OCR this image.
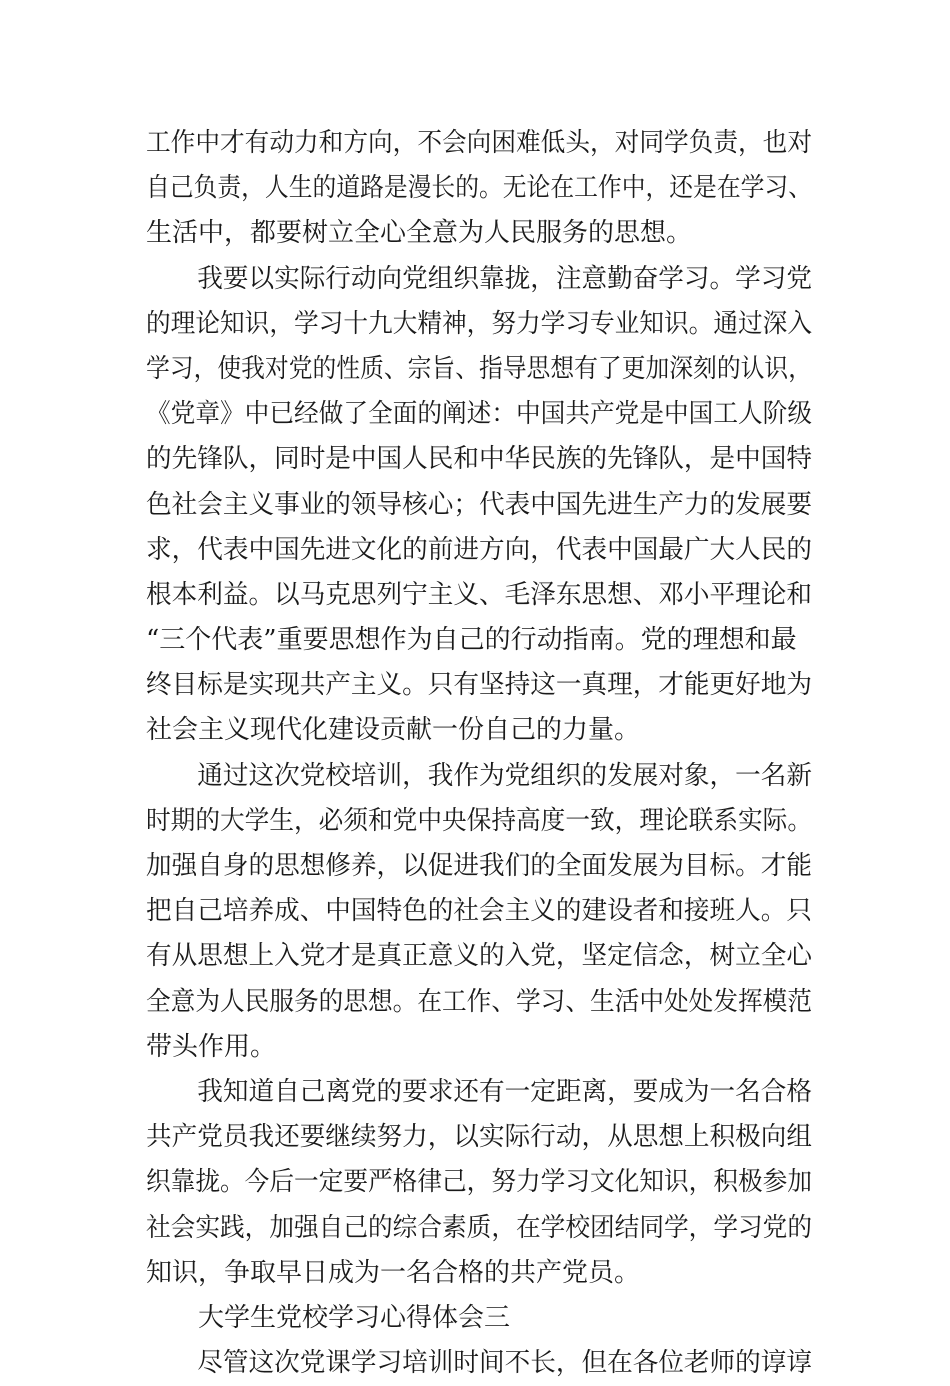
工作中才有动力和方向，不会向困难低头，对同学负责，也对
自己负责，人生的道路是漫长的。无论在工作中，还是在学习、
生活中，都要树立全心全意为人民服务的思想。
我要以实际行动向党组织靠拢，注意勤奋学习。学习党
的理论知识，学习十九大精神，努力学习专业知识。通过深入
学习，使我对党的性质、宗旨、指导思想有了更加深刻的认识，
《党章》中已经做了全面的阐述：中国共产党是中国工人阶级
的先锋队，同时是中国人民和中华民族的先锋队，是中国特
色社会主义事业的领导核心；代表中国先进生产力的发展要
求，代表中国先进文化的前进方向，代表中国最广大人民的
根本利益。以马克思列宁主义、毛泽东思想、邓小平理论和
“三个代表”重要思想作为自己的行动指南。党的理想和最
终目标是实现共产主义。只有坚持这一真理，才能更好地为
社会主义现代化建设贡献一份自己的力量。
通过这次党校培训，我作为党组织的发展对象，一名新
时期的大学生，必须和党中央保持高度一致，理论联系实际。
加强自身的思想修养，以促进我们的全面发展为目标。才能
把自己培养成、中国特色的社会主义的建设者和接班人。只
有从思想上入党才是真正意义的入党，坚定信念，树立全心
全意为人民服务的思想。在工作、学习、生活中处处发挥模范
带头作用。
我知道自己离党的要求还有一定距离，要成为一名合格
共产党员我还要继续努力，以实际行动，从思想上积极向组
织靠拢。今后一定要严格律己，努力学习文化知识，积极参加
社会实践，加强自己的综合素质，在学校团结同学，学习党的
知识，争取早日成为一名合格的共产党员。
大学生党校学习心得体会三
尽管这次党课学习培训时间不长，但在各位老师的谆谆
